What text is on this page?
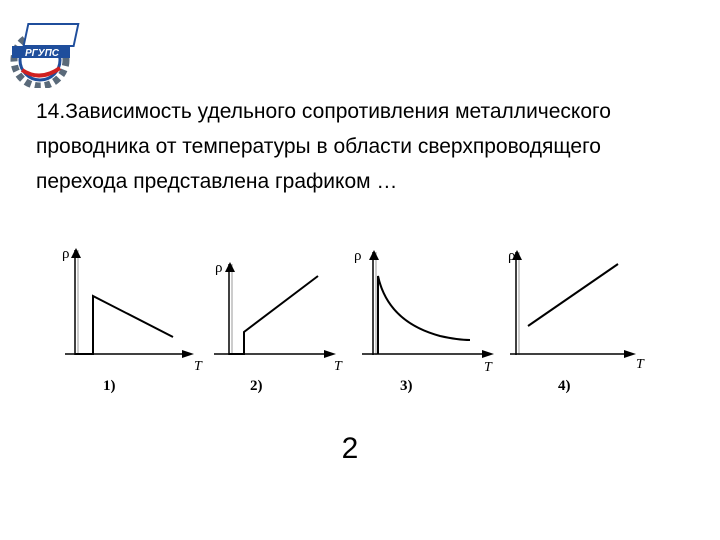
РГУПС

14.Зависимость удельного сопротивления металлического проводника от температуры в области сверхпроводящего перехода представлена графиком …

ρ
T
1)
ρ
T
2)
ρ
T
3)
ρ
T
4)
2
